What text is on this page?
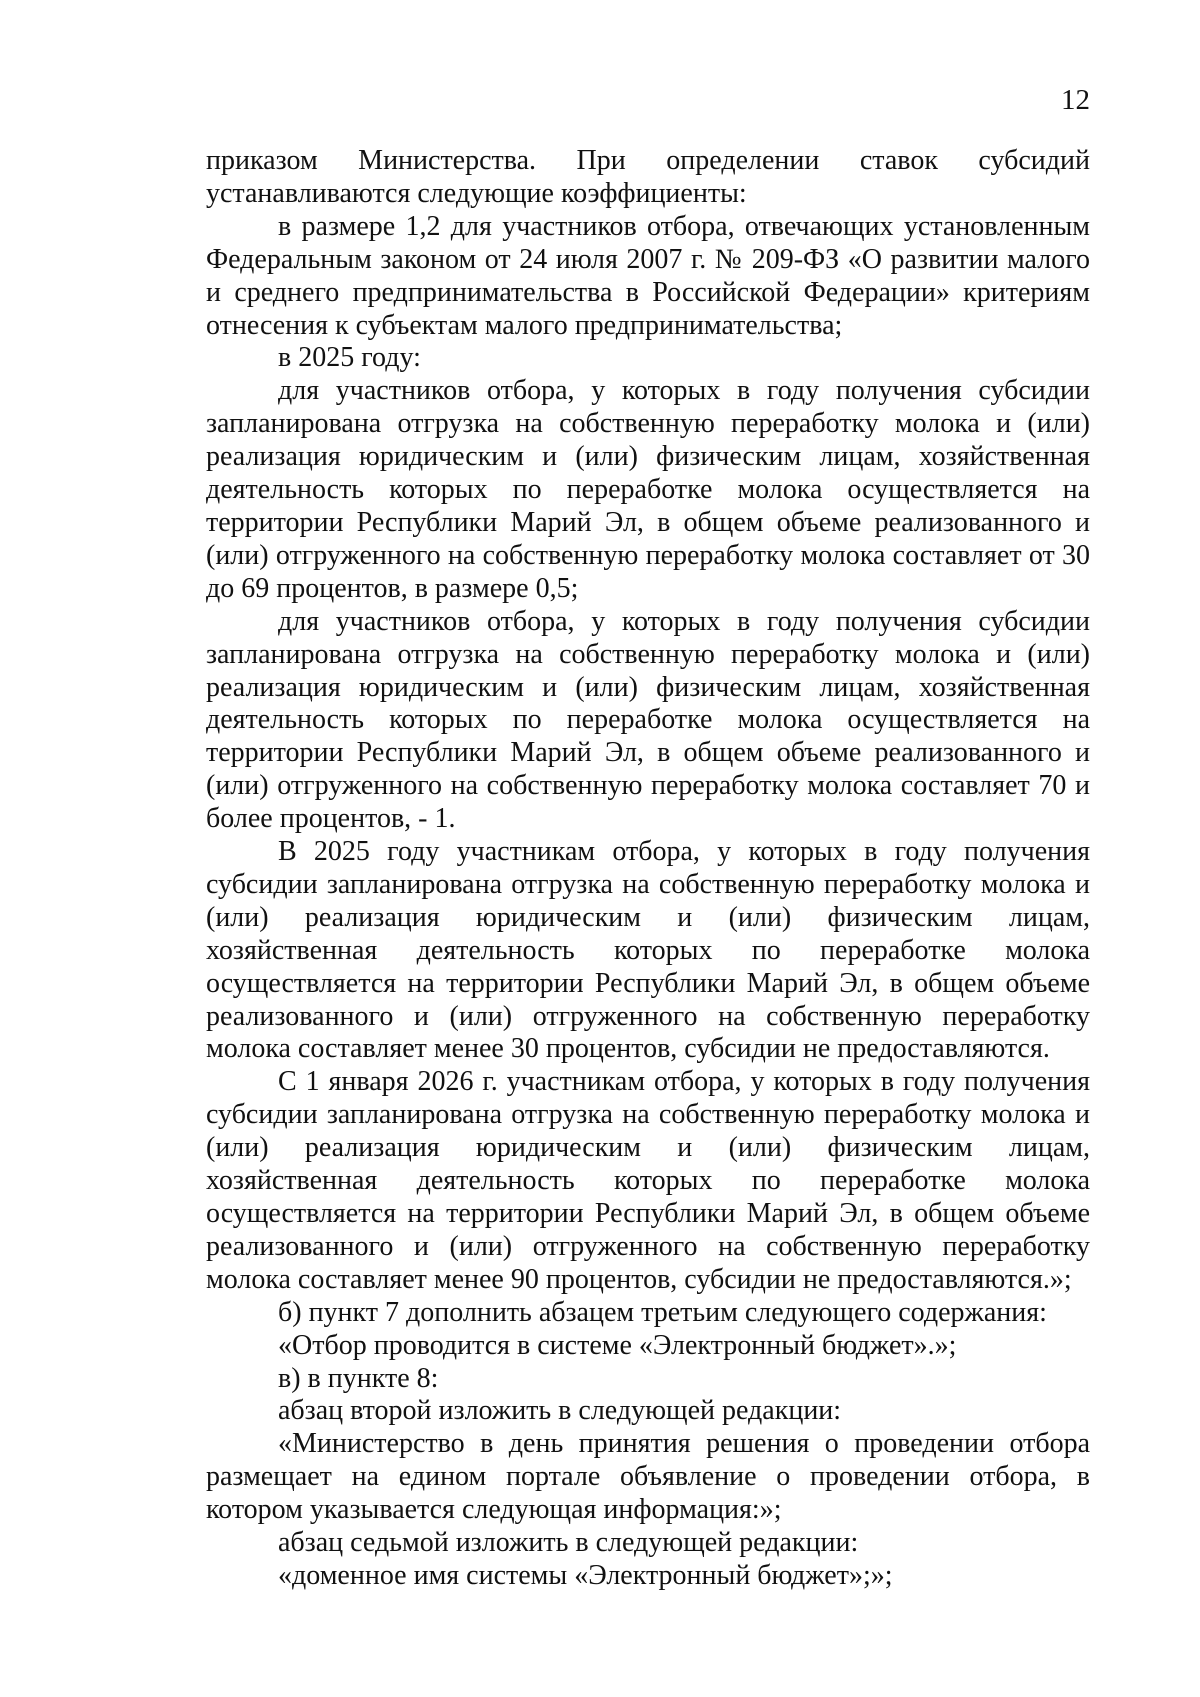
12

приказом Министерства. При определении ставок субсидий устанавливаются следующие коэффициенты:

в размере 1,2 для участников отбора, отвечающих установленным Федеральным законом от 24 июля 2007 г. № 209-ФЗ «О развитии малого и среднего предпринимательства в Российской Федерации» критериям отнесения к субъектам малого предпринимательства;

в 2025 году:

для участников отбора, у которых в году получения субсидии запланирована отгрузка на собственную переработку молока и (или) реализация юридическим и (или) физическим лицам, хозяйственная деятельность которых по переработке молока осуществляется на территории Республики Марий Эл, в общем объеме реализованного и (или) отгруженного на собственную переработку молока составляет от 30 до 69 процентов, в размере 0,5;

для участников отбора, у которых в году получения субсидии запланирована отгрузка на собственную переработку молока и (или) реализация юридическим и (или) физическим лицам, хозяйственная деятельность которых по переработке молока осуществляется на территории Республики Марий Эл, в общем объеме реализованного и (или) отгруженного на собственную переработку молока составляет 70 и более процентов, - 1.

В 2025 году участникам отбора, у которых в году получения субсидии запланирована отгрузка на собственную переработку молока и (или) реализация юридическим и (или) физическим лицам, хозяйственная деятельность которых по переработке молока осуществляется на территории Республики Марий Эл, в общем объеме реализованного и (или) отгруженного на собственную переработку молока составляет менее 30 процентов, субсидии не предоставляются.

С 1 января 2026 г. участникам отбора, у которых в году получения субсидии запланирована отгрузка на собственную переработку молока и (или) реализация юридическим и (или) физическим лицам, хозяйственная деятельность которых по переработке молока осуществляется на территории Республики Марий Эл, в общем объеме реализованного и (или) отгруженного на собственную переработку молока составляет менее 90 процентов, субсидии не предоставляются.»;

б) пункт 7 дополнить абзацем третьим следующего содержания:

«Отбор проводится в системе «Электронный бюджет».»;

в) в пункте 8:

абзац второй изложить в следующей редакции:

«Министерство в день принятия решения о проведении отбора размещает на едином портале объявление о проведении отбора, в котором указывается следующая информация:»;

абзац седьмой изложить в следующей редакции:

«доменное имя системы «Электронный бюджет»;»;
